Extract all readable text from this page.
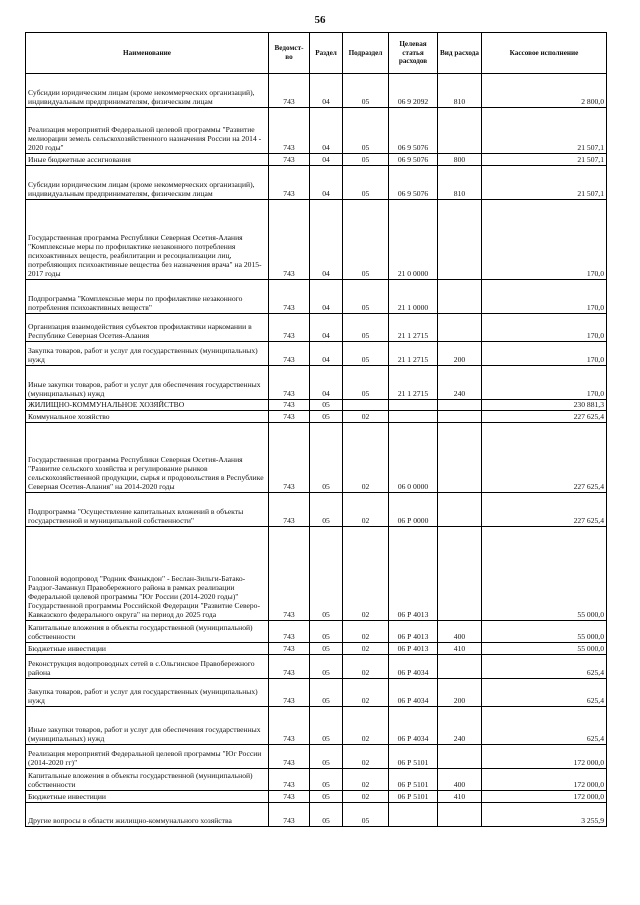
56
Наименование	Ведомст-во	Раздел	Подраздел	Целевая статья расходов	Вид расхода	Кассовое исполнение
Субсидии юридическим лицам (кроме некоммерческих организаций), индивидуальным предпринимателям, физическим лицам	743	04	05	06 9 2092	810	2 800,0
Реализация мероприятий Федеральной целевой программы "Развитие мелиорации земель сельскохозяйственного назначения России на 2014 - 2020 годы"	743	04	05	06 9 5076		21 507,1
Иные бюджетные ассигнования	743	04	05	06 9 5076	800	21 507,1
Субсидии юридическим лицам (кроме некоммерческих организаций), индивидуальным предпринимателям, физическим лицам	743	04	05	06 9 5076	810	21 507,1
Государственная программа Республики Северная Осетия-Алания "Комплексные меры по профилактике незаконного потребления психоактивных веществ, реабилитации и ресоциализации лиц, потребляющих психоактивные вещества без назначения врача" на 2015-2017 годы	743	04	05	21 0 0000		170,0
Подпрограмма "Комплексные меры по профилактике незаконного потребления психоактивных веществ"	743	04	05	21 1 0000		170,0
Организация взаимодействия субъектов профилактики наркомании в Республике Северная Осетия-Алания	743	04	05	21 1 2715		170,0
Закупка товаров, работ и услуг для государственных (муниципальных) нужд	743	04	05	21 1 2715	200	170,0
Иные закупки товаров, работ и услуг для обеспечения государственных (муниципальных) нужд	743	04	05	21 1 2715	240	170,0
ЖИЛИЩНО-КОММУНАЛЬНОЕ ХОЗЯЙСТВО	743	05				230 881,3
Коммунальное хозяйство	743	05	02			227 625,4
Государственная программа Республики Северная Осетия-Алания "Развитие сельского хозяйства и регулирование рынков сельскохозяйственной продукции, сырья и продовольствия в Республике Северная Осетия-Алания" на 2014-2020 годы	743	05	02	06 0 0000		227 625,4
Подпрограмма "Осуществление капитальных вложений в объекты государственной и муниципальной собственности"	743	05	02	06 Р 0000		227 625,4
Головной водопровод "Родник Фаныкдон" - Беслан-Зильги-Батако-Раздзог-Заманкул Правобережного района в рамках реализации Федеральной целевой программы "Юг России (2014-2020 годы)" Государственной программы Российской Федерации "Развитие Северо-Кавказского федерального округа" на период до 2025 года	743	05	02	06 Р 4013		55 000,0
Капитальные вложения в объекты государственной (муниципальной) собственности	743	05	02	06 Р 4013	400	55 000,0
Бюджетные инвестиции	743	05	02	06 Р 4013	410	55 000,0
Реконструкция водопроводных сетей в с.Ольгинское Правобережного района	743	05	02	06 Р 4034		625,4
Закупка товаров, работ и услуг для государственных (муниципальных) нужд	743	05	02	06 Р 4034	200	625,4
Иные закупки товаров, работ и услуг для обеспечения государственных (муниципальных) нужд	743	05	02	06 Р 4034	240	625,4
Реализация мероприятий Федеральной целевой программы "Юг России (2014-2020 гг)"	743	05	02	06 Р 5101		172 000,0
Капитальные вложения в объекты государственной (муниципальной) собственности	743	05	02	06 Р 5101	400	172 000,0
Бюджетные инвестиции	743	05	02	06 Р 5101	410	172 000,0
Другие вопросы в области жилищно-коммунального хозяйства	743	05	05			3 255,9
